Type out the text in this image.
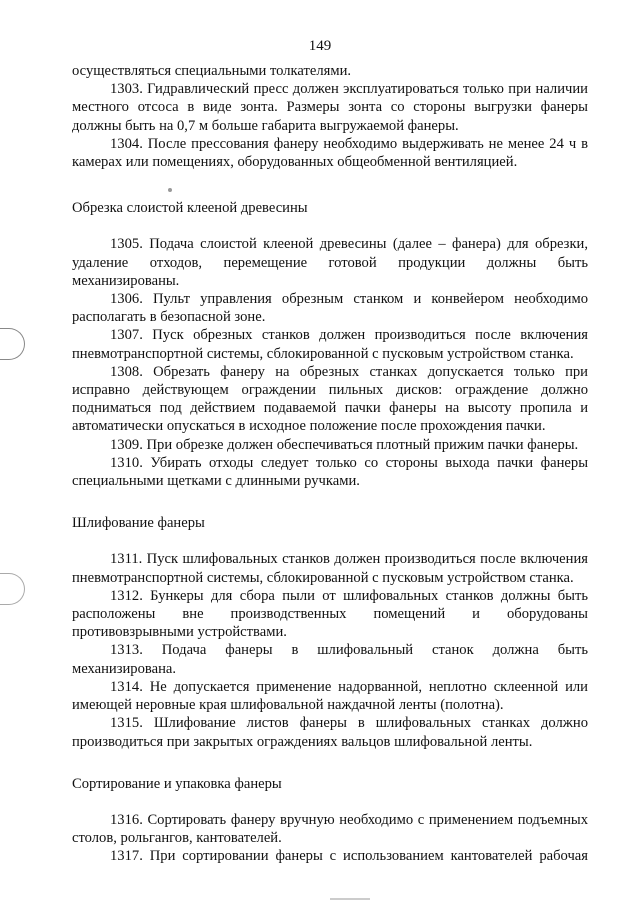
149

осуществляться специальными толкателями.

1303. Гидравлический пресс должен эксплуатироваться только при наличии местного отсоса в виде зонта. Размеры зонта со стороны выгрузки фанеры должны быть на 0,7 м больше габарита выгружаемой фанеры.

1304. После прессования фанеру необходимо выдерживать не менее 24 ч в камерах или помещениях, оборудованных общеобменной вентиляцией.

Обрезка слоистой клееной древесины

1305. Подача слоистой клееной древесины (далее – фанера) для обрезки, удаление отходов, перемещение готовой продукции должны быть механизированы.

1306. Пульт управления обрезным станком и конвейером необходимо располагать в безопасной зоне.

1307. Пуск обрезных станков должен производиться после включения пневмотранспортной системы, сблокированной с пусковым устройством станка.

1308. Обрезать фанеру на обрезных станках допускается только при исправно действующем ограждении пильных дисков: ограждение должно подниматься под действием подаваемой пачки фанеры на высоту пропила и автоматически опускаться в исходное положение после прохождения пачки.

1309. При обрезке должен обеспечиваться плотный прижим пачки фанеры.

1310. Убирать отходы следует только со стороны выхода пачки фанеры специальными щетками с длинными ручками.

Шлифование фанеры

1311. Пуск шлифовальных станков должен производиться после включения пневмотранспортной системы, сблокированной с пусковым устройством станка.

1312. Бункеры для сбора пыли от шлифовальных станков должны быть расположены вне производственных помещений и оборудованы противовзрывными устройствами.

1313. Подача фанеры в шлифовальный станок должна быть механизирована.

1314. Не допускается применение надорванной, неплотно склеенной или имеющей неровные края шлифовальной наждачной ленты (полотна).

1315. Шлифование листов фанеры в шлифовальных станках должно производиться при закрытых ограждениях вальцов шлифовальной ленты.

Сортирование и упаковка фанеры

1316. Сортировать фанеру вручную необходимо с применением подъемных столов, рольгангов, кантователей.

1317. При сортировании фанеры с использованием кантователей рабочая
